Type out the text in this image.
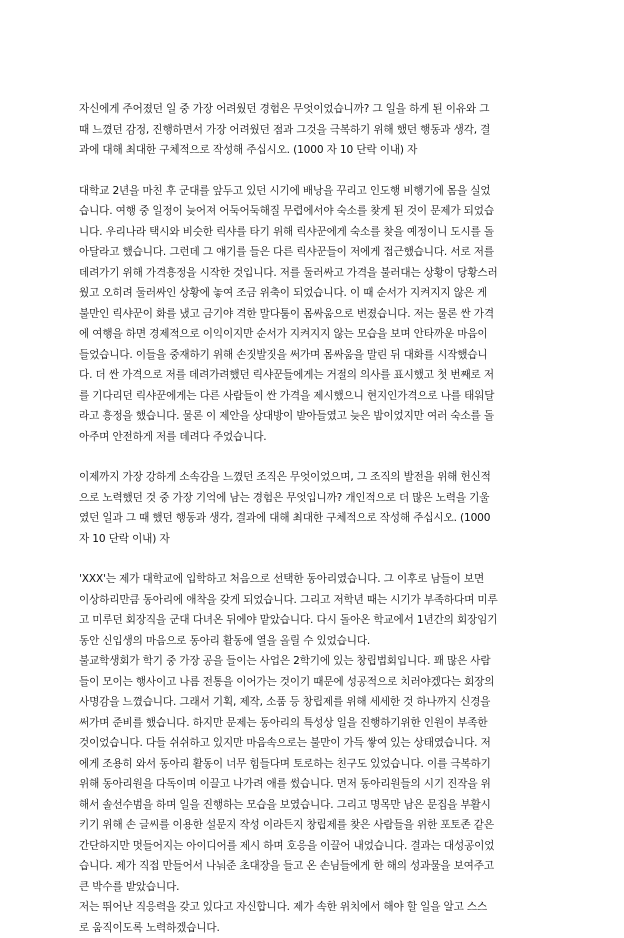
자신에게 주어졌던 일 중 가장 어려웠던 경험은 무엇이었습니까? 그 일을 하게 된 이유와 그
때 느꼈던 감정, 진행하면서 가장 어려웠던 점과 그것을 극복하기 위해 했던 행동과 생각, 결
과에 대해 최대한 구체적으로 작성해 주십시오. (1000 자 10 단락 이내) 자
대학교 2년을 마친 후 군대를 앞두고 있던 시기에 배낭을 꾸리고 인도행 비행기에 몸을 실었
습니다. 여행 중 일정이 늦어져 어둑어둑해질 무렵에서야 숙소를 찾게 된 것이 문제가 되었습
니다. 우리나라 택시와 비슷한 릭샤를 타기 위해 릭샤꾼에게 숙소를 찾을 예정이니 도시를 돌
아달라고 했습니다. 그런데 그 얘기를 들은 다른 릭샤꾼들이 저에게 접근했습니다. 서로 저를
데려가기 위해 가격흥정을 시작한 것입니다. 저를 둘러싸고 가격을 불러대는 상황이 당황스러
웠고 오히려 둘러싸인 상황에 놓여 조금 위축이 되었습니다. 이 때 순서가 지켜지지 않은 게
불만인 릭샤꾼이 화를 냈고 금기야 격한 말다툼이 몸싸움으로 번졌습니다. 저는 물론 싼 가격
에 여행을 하면 경제적으로 이익이지만 순서가 지켜지지 않는 모습을 보며 안타까운 마음이
들었습니다. 이들을 중재하기 위해 손짓발짓을 써가며 몸싸움을 말린 뒤 대화를 시작했습니
다. 더 싼 가격으로 저를 데려가려했던 릭샤꾼들에게는 거절의 의사를 표시했고 첫 번째로 저
를 기다리던 릭샤꾼에게는 다른 사람들이 싼 가격을 제시했으니 현지인가격으로 나를 태워달
라고 흥정을 했습니다. 물론 이 제안을 상대방이 받아들였고 늦은 밤이었지만 여러 숙소를 돌
아주며 안전하게 저를 데려다 주었습니다.
이제까지 가장 강하게 소속감을 느꼈던 조직은 무엇이었으며, 그 조직의 발전을 위해 헌신적
으로 노력했던 것 중 가장 기억에 남는 경험은 무엇입니까? 개인적으로 더 많은 노력을 기울
였던 일과 그 때 했던 행동과 생각, 결과에 대해 최대한 구체적으로 작성해 주십시오. (1000
자 10 단락 이내) 자
'XXX'는 제가 대학교에 입학하고 처음으로 선택한 동아리였습니다. 그 이후로 남들이 보면
이상하리만큼 동아리에 애착을 갖게 되었습니다. 그리고 저학년 때는 시기가 부족하다며 미루
고 미루던 회장직을 군대 다녀온 뒤에야 맡았습니다. 다시 돌아온 학교에서 1년간의 회장임기
동안 신입생의 마음으로 동아리 활동에 열을 올릴 수 있었습니다.
불교학생회가 학기 중 가장 공을 들이는 사업은 2학기에 있는 창립법회입니다. 꽤 많은 사람
들이 모이는 행사이고 나름 전통을 이어가는 것이기 때문에 성공적으로 치러야겠다는 회장의
사명감을 느꼈습니다. 그래서 기획, 제작, 소품 등 창립제를 위해 세세한 것 하나까지 신경을
써가며 준비를 했습니다. 하지만 문제는 동아리의 특성상 일을 진행하기위한 인원이 부족한
것이었습니다. 다들 쉬쉬하고 있지만 마음속으로는 불만이 가득 쌓여 있는 상태였습니다. 저
에게 조용히 와서 동아리 활동이 너무 힘들다며 토로하는 친구도 있었습니다. 이를 극복하기
위해 동아리원을 다독이며 이끌고 나가려 애를 썼습니다. 먼저 동아리원들의 시기 진작을 위
해서 솔선수범을 하며 일을 진행하는 모습을 보였습니다. 그리고 명목만 남은 문집을 부활시
키기 위해 손 글씨를 이용한 설문지 작성 이라든지 창립제를 찾은 사람들을 위한 포토존 같은
간단하지만 멋들어지는 아이디어를 제시 하며 호응을 이끌어 내었습니다. 결과는 대성공이었
습니다. 제가 직접 만들어서 나눠준 초대장을 들고 온 손님들에게 한 해의 성과물을 보여주고
큰 박수를 받았습니다.
저는 뛰어난 직응력을 갖고 있다고 자신합니다. 제가 속한 위치에서 해야 할 일을 알고 스스
로 움직이도록 노력하겠습니다.
